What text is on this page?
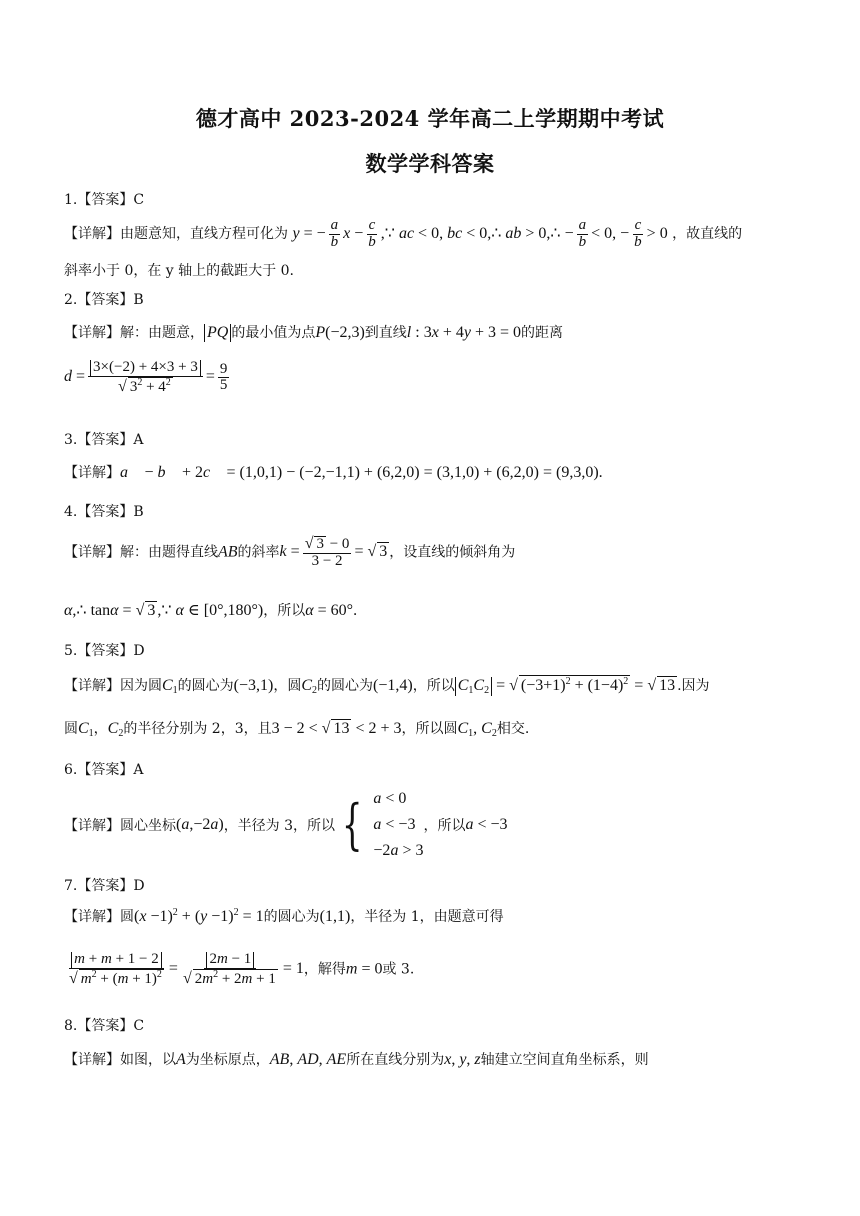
德才高中 2023-2024 学年高二上学期期中考试
数学学科答案
1.【答案】C
【详解】由题意知，直线方程可化为 y = − $\frac{a}{b}$ $x - \frac{c}{b}$ ,∵ ac < 0, bc < 0,∴ ab > 0,∴ − $\frac{a}{b} < 0$, − $\frac{c}{b} > 0$ ，故直线的
斜率小于 0，在 y 轴上的截距大于 0.
2.【答案】B
【详解】解：由题意， PQ 的最小值为点P(−2,3)到直线l : 3x + 4y + 3 = 0的距离
$d = \frac{3\times(-2) + 4\times 3 + 3}{√ 3^2 + 4^2} = \frac{9}{5}$
3.【答案】A
【详解】a⃗ − b⃗ + 2c⃗ = (1,0,1) − (−2,−1,1) + (6,2,0) = (3,1,0) + (6,2,0) = (9,3,0).
4.【答案】B
【详解】解：由题得直线AB的斜率$k = \frac{√ 3 - 0}{3 - 2}$ = √ 3 ，设直线的倾斜角为
α,∴ tanα = √ 3 ,∵ α ∈ [0°,180°)，所以α = 60°.
5.【答案】D
【详解】因为圆$C_1$的圆心为(−3,1)，圆$C_2$的圆心为(−1,4)，所以 $C_1C_2$ = √ $(-3+1)^2 + (1-4)^2$ = √ 13 .因为
圆$C_1$，$C_2$的半径分别为 2，3，且3 − 2 < √ 13 < 2 + 3，所以圆$C_1$, $C_2$相交.
6.【答案】A
【详解】圆心坐标(a,−2a)，半径为 3，所以 { a < 0
a < −3
−2a > 3
，所以a < −3
7.【答案】D
【详解】圆$(x -1)^2 + (y -1)^2 = 1$的圆心为(1,1)，半径为 1，由题意可得
$\frac{m + m + 1 - 2}{√ m^2 + (m + 1)^2} = \frac{2m - 1}{√ 2m^2 + 2m + 1} = 1$，解得m = 0或 3.
8.【答案】C
【详解】如图，以A为坐标原点，AB, AD, AE所在直线分别为x, y, z轴建立空间直角坐标系，则
